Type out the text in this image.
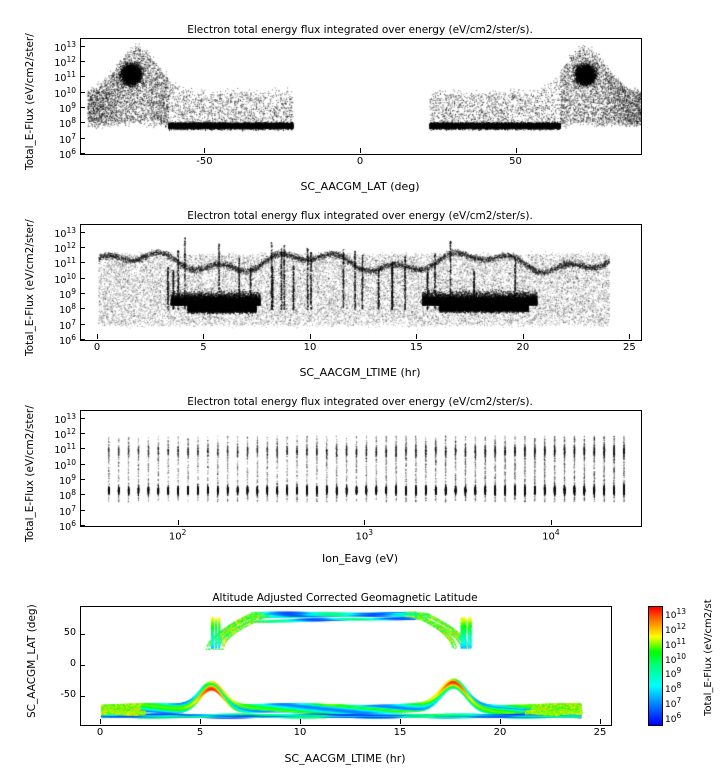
Electron total energy flux integrated over energy (eV/cm2/ster/s).
Total_E-Flux (eV/cm2/ster/
SC_AACGM_LAT (deg)
Electron total energy flux integrated over energy (eV/cm2/ster/s).
Total_E-Flux (eV/cm2/ster/
SC_AACGM_LTIME (hr)
Electron total energy flux integrated over energy (eV/cm2/ster/s).
Total_E-Flux (eV/cm2/ster/
Ion_Eavg (eV)
Altitude Adjusted Corrected Geomagnetic Latitude
SC_AACGM_LAT (deg)
SC_AACGM_LTIME (hr)
Total_E-Flux (eV/cm2/st
-50	0	50
$10^6$
$10^7$
$10^8$
$10^9$
$10^{10}$
$10^{11}$
$10^{12}$
$10^{13}$
0	5	10	15	20	25
$10^6$
$10^7$
$10^8$
$10^9$
$10^{10}$
$10^{11}$
$10^{12}$
$10^{13}$
$10^2$	$10^3$	$10^4$
$10^6$
$10^7$
$10^8$
$10^9$
$10^{10}$
$10^{11}$
$10^{12}$
$10^{13}$
0	5	10	15	20	25
-50
0
50
$10^6$
$10^7$
$10^8$
$10^9$
$10^{10}$
$10^{11}$
$10^{12}$
$10^{13}$
